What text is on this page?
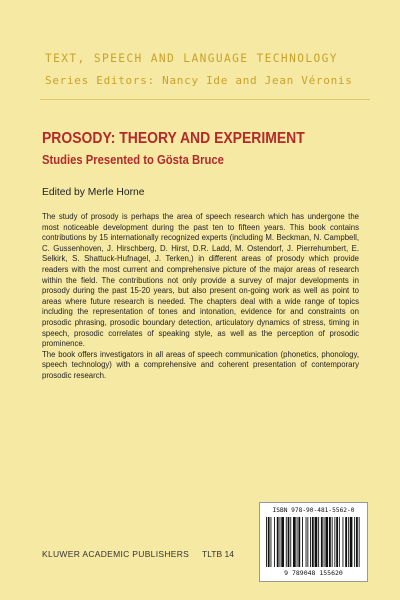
TEXT, SPEECH AND LANGUAGE TECHNOLOGY
Series Editors: Nancy Ide and Jean Véronis
PROSODY: THEORY AND EXPERIMENT
Studies Presented to Gösta Bruce
Edited by Merle Horne

The study of prosody is perhaps the area of speech research which has undergone the most noticeable development during the past ten to fifteen years. This book contains contributions by 15 internationally recognized experts (including M. Beckman, N. Campbell, C. Gussenhoven, J. Hirschberg, D. Hirst, D.R. Ladd, M. Ostendorf, J. Pierrehumbert, E. Selkirk, S. Shattuck-Hufnagel, J. Terken,) in different areas of prosody which provide readers with the most current and comprehensive picture of the major areas of research within the field. The contributions not only provide a survey of major developments in prosody during the past 15-20 years, but also present on-going work as well as point to areas where future research is needed. The chapters deal with a wide range of topics including the representation of tones and intonation, evidence for and constraints on prosodic phrasing, prosodic boundary detection, articulatory dynamics of stress, timing in speech, prosodic correlates of speaking style, as well as the perception of prosodic prominence.

The book offers investigators in all areas of speech communication (phonetics, phonology, speech technology) with a comprehensive and coherent presentation of contemporary prosodic research.

ISBN 978-90-481-5562-0
9 789048 155620
KLUWER ACADEMIC PUBLISHERS TLTB 14
